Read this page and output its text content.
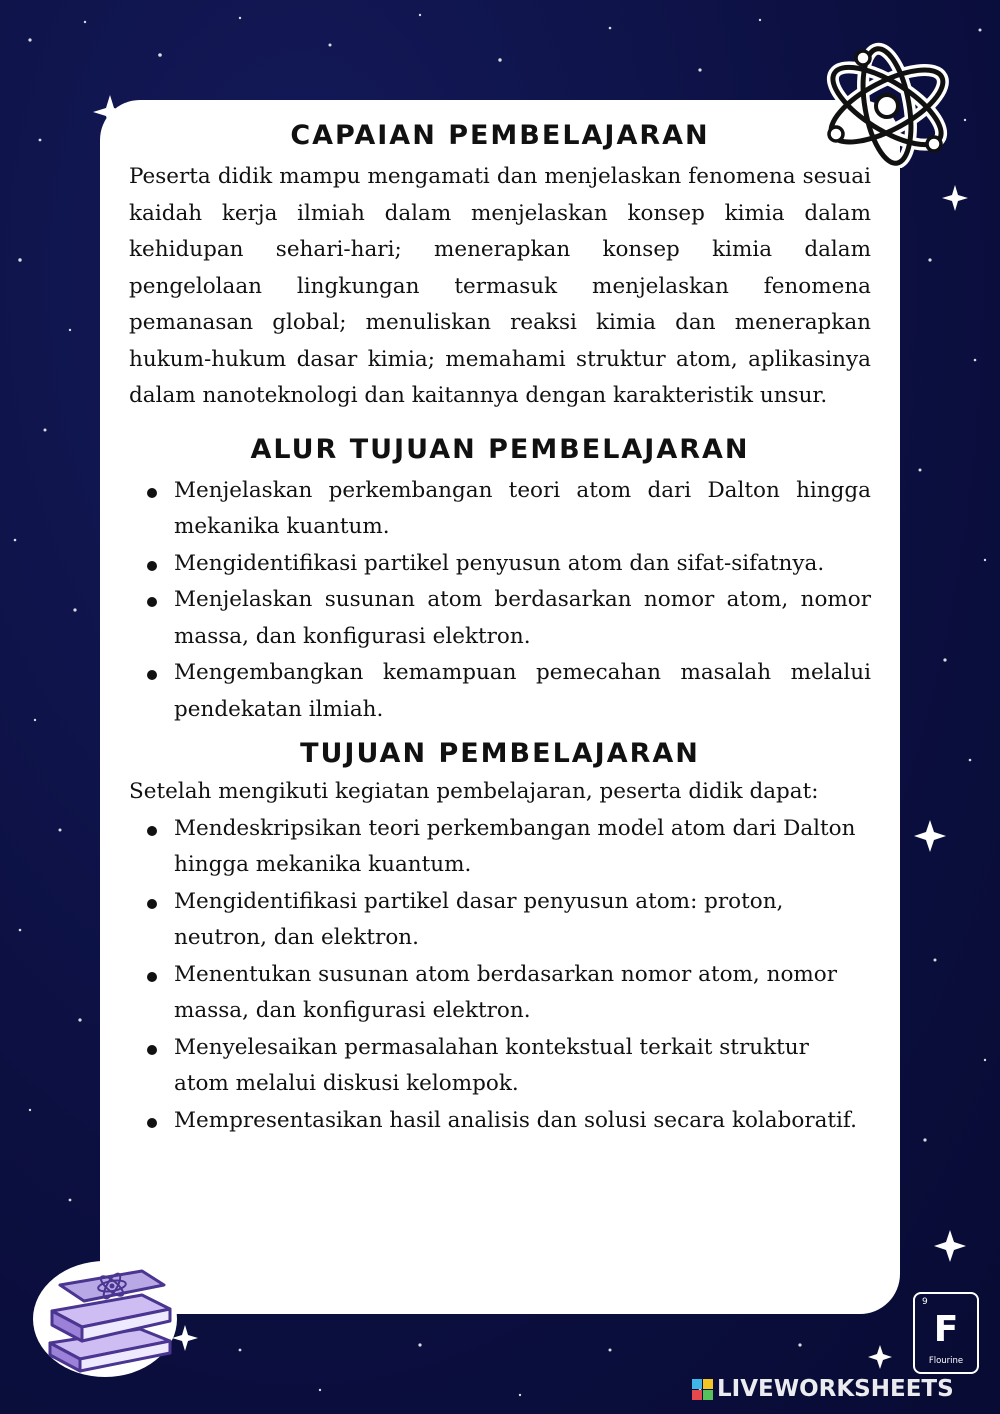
CAPAIAN PEMBELAJARAN

Peserta didik mampu mengamati dan menjelaskan fenomena sesuai kaidah kerja ilmiah dalam menjelaskan konsep kimia dalam kehidupan sehari-hari; menerapkan konsep kimia dalam pengelolaan lingkungan termasuk menjelaskan fenomena pemanasan global; menuliskan reaksi kimia dan menerapkan hukum-hukum dasar kimia; memahami struktur atom, aplikasinya dalam nanoteknologi dan kaitannya dengan karakteristik unsur.

ALUR TUJUAN PEMBELAJARAN
Menjelaskan perkembangan teori atom dari Dalton hingga mekanika kuantum.
Mengidentifikasi partikel penyusun atom dan sifat-sifatnya.
Menjelaskan susunan atom berdasarkan nomor atom, nomor massa, dan konfigurasi elektron.
Mengembangkan kemampuan pemecahan masalah melalui pendekatan ilmiah.
TUJUAN PEMBELAJARAN

Setelah mengikuti kegiatan pembelajaran, peserta didik dapat:

Mendeskripsikan teori perkembangan model atom dari Dalton hingga mekanika kuantum.
Mengidentifikasi partikel dasar penyusun atom: proton, neutron, dan elektron.
Menentukan susunan atom berdasarkan nomor atom, nomor massa, dan konfigurasi elektron.
Menyelesaikan permasalahan kontekstual terkait struktur atom melalui diskusi kelompok.
Mempresentasikan hasil analisis dan solusi secara kolaboratif.
9
F
Flourine
LIVEWORKSHEETS
